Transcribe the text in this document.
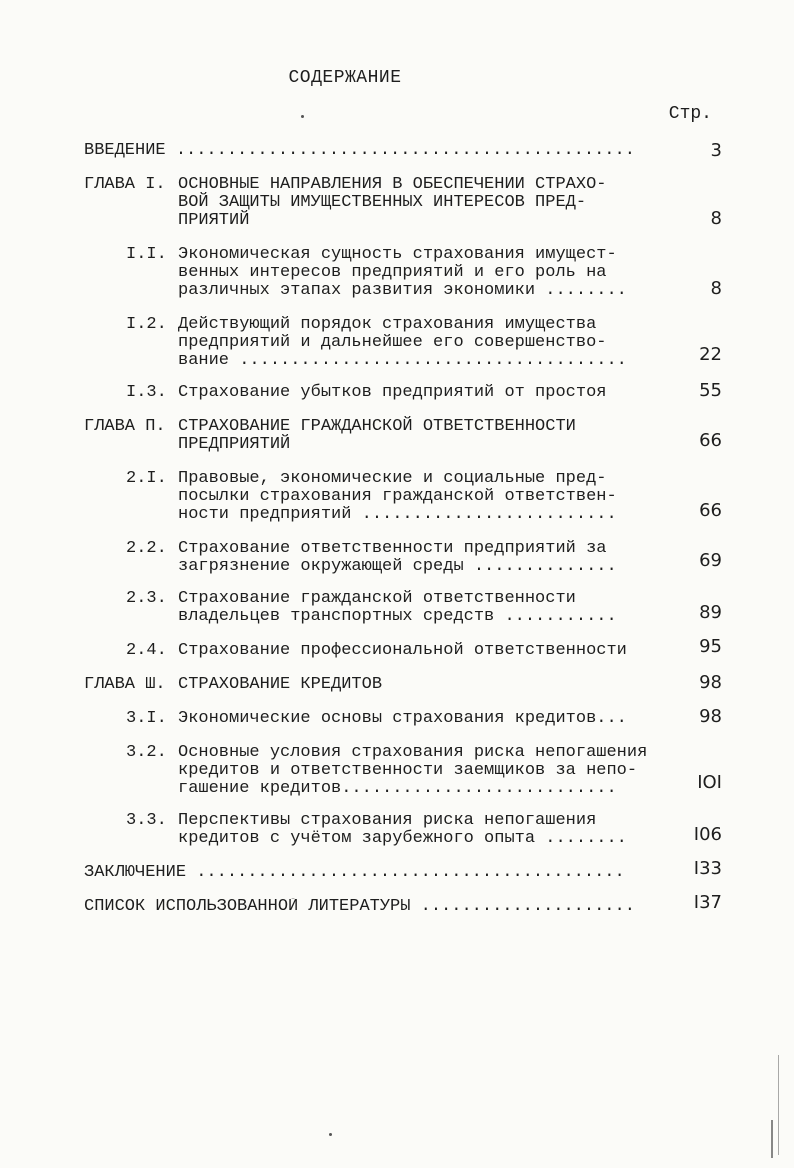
СОДЕРЖАНИЕ
Стр.
ВВЕДЕНИЕ .............................................	3
ГЛАВА I. ОСНОВНЫЕ НАПРАВЛЕНИЯ В ОБЕСПЕЧЕНИИ СТРАХО-
ВОЙ ЗАЩИТЫ ИМУЩЕСТВЕННЫХ ИНТЕРЕСОВ ПРЕД-
ПРИЯТИЙ	8
I.I. Экономическая сущность страхования имущест-
венных интересов предприятий и его роль на
различных этапах развития экономики ........	8
I.2. Действующий порядок страхования имущества
предприятий и дальнейшее его совершенство-
вание ......................................	22
I.3. Страхование убытков предприятий от простоя	55
ГЛАВА П. СТРАХОВАНИЕ ГРАЖДАНСКОЙ ОТВЕТСТВЕННОСТИ
ПРЕДПРИЯТИЙ	66
2.I. Правовые, экономические и социальные пред-
посылки страхования гражданской ответствен-
ности предприятий .........................	66
2.2. Страхование ответственности предприятий за
загрязнение окружающей среды ..............	69
2.3. Страхование гражданской ответственности
владельцев транспортных средств ...........	89
2.4. Страхование профессиональной ответственности	95
ГЛАВА Ш. СТРАХОВАНИЕ КРЕДИТОВ	98
3.I. Экономические основы страхования кредитов...	98
3.2. Основные условия страхования риска непогашения
кредитов и ответственности заемщиков за непо-
гашение кредитов...........................	IOI
3.3. Перспективы страхования риска непогашения
кредитов с учётом зарубежного опыта ........	I06
ЗАКЛЮЧЕНИЕ ..........................................	I33
СПИСОК ИСПОЛЬЗОВАННОЙ ЛИТЕРАТУРЫ .....................	I37
